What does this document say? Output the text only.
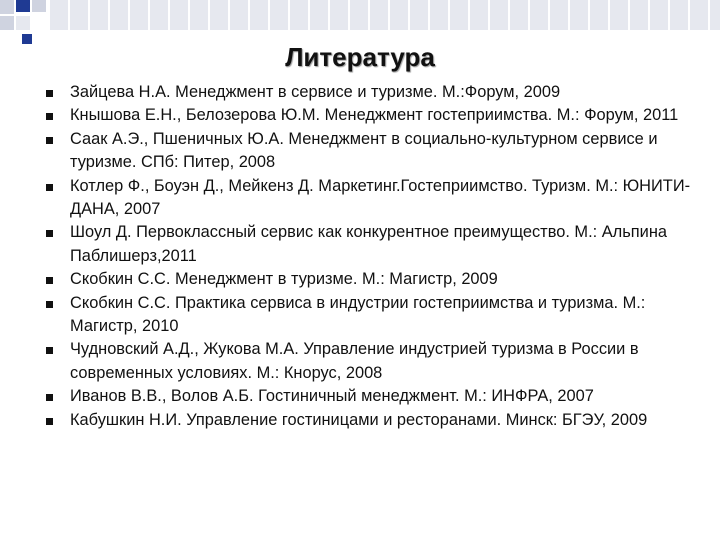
Литература
Зайцева Н.А. Менеджмент в сервисе и туризме. М.:Форум, 2009
Кнышова Е.Н., Белозерова Ю.М. Менеджмент гостеприимства. М.: Форум, 2011
Саак А.Э., Пшеничных Ю.А. Менеджмент в социально-культурном сервисе и туризме. СПб: Питер, 2008
Котлер Ф., Боуэн Д., Мейкенз Д. Маркетинг.Гостеприимство. Туризм. М.: ЮНИТИ-ДАНА, 2007
Шоул Д. Первоклассный сервис как конкурентное преимущество. М.: Альпина Паблишерз,2011
Скобкин С.С. Менеджмент в туризме. М.: Магистр, 2009
Скобкин С.С. Практика сервиса в индустрии гостеприимства и туризма. М.: Магистр, 2010
Чудновский А.Д., Жукова М.А. Управление индустрией туризма в России в современных условиях. М.: Кнорус, 2008
Иванов В.В., Волов А.Б. Гостиничный менеджмент. М.: ИНФРА, 2007
Кабушкин Н.И. Управление гостиницами и ресторанами. Минск: БГЭУ, 2009
